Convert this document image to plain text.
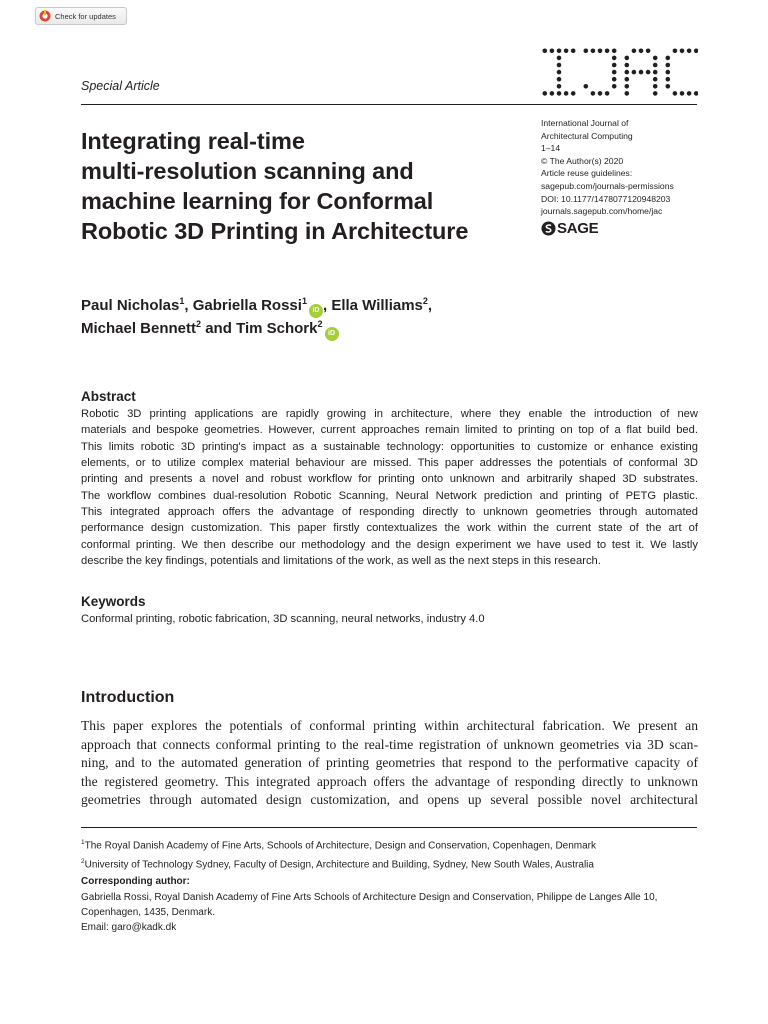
Check for updates
Special Article
Integrating real-time
multi-resolution scanning and
machine learning for Conformal
Robotic 3D Printing in Architecture
International Journal of
Architectural Computing
1–14
© The Author(s) 2020
Article reuse guidelines:
sagepub.com/journals-permissions
DOI: 10.1177/1478077120948203
journals.sagepub.com/home/jac
SAGE
Paul Nicholas$^1$, Gabriella Rossi$^1$iD , Ella Williams$^2$,
Michael Bennett$^2$ and Tim Schork$^2$iD
Abstract
Robotic 3D printing applications are rapidly growing in architecture, where they enable the introduction of new
materials and bespoke geometries. However, current approaches remain limited to printing on top of a flat build bed.
This limits robotic 3D printing's impact as a sustainable technology: opportunities to customize or enhance existing
elements, or to utilize complex material behaviour are missed. This paper addresses the potentials of conformal 3D
printing and presents a novel and robust workflow for printing onto unknown and arbitrarily shaped 3D substrates.
The workflow combines dual-resolution Robotic Scanning, Neural Network prediction and printing of PETG plastic.
This integrated approach offers the advantage of responding directly to unknown geometries through automated
performance design customization. This paper firstly contextualizes the work within the current state of the art of
conformal printing. We then describe our methodology and the design experiment we have used to test it. We lastly
describe the key findings, potentials and limitations of the work, as well as the next steps in this research.
Keywords
Conformal printing, robotic fabrication, 3D scanning, neural networks, industry 4.0
Introduction
This paper explores the potentials of conformal printing within architectural fabrication. We present an
approach that connects conformal printing to the real-time registration of unknown geometries via 3D scan-
ning, and to the automated generation of printing geometries that respond to the performative capacity of
the registered geometry. This integrated approach offers the advantage of responding directly to unknown
geometries through automated design customization, and opens up several possible novel architectural
$^1$The Royal Danish Academy of Fine Arts, Schools of Architecture, Design and Conservation, Copenhagen, Denmark
$^2$University of Technology Sydney, Faculty of Design, Architecture and Building, Sydney, New South Wales, Australia
Corresponding author:
Gabriella Rossi, Royal Danish Academy of Fine Arts Schools of Architecture Design and Conservation, Philippe de Langes Alle 10,
Copenhagen, 1435, Denmark.
Email: garo@kadk.dk
